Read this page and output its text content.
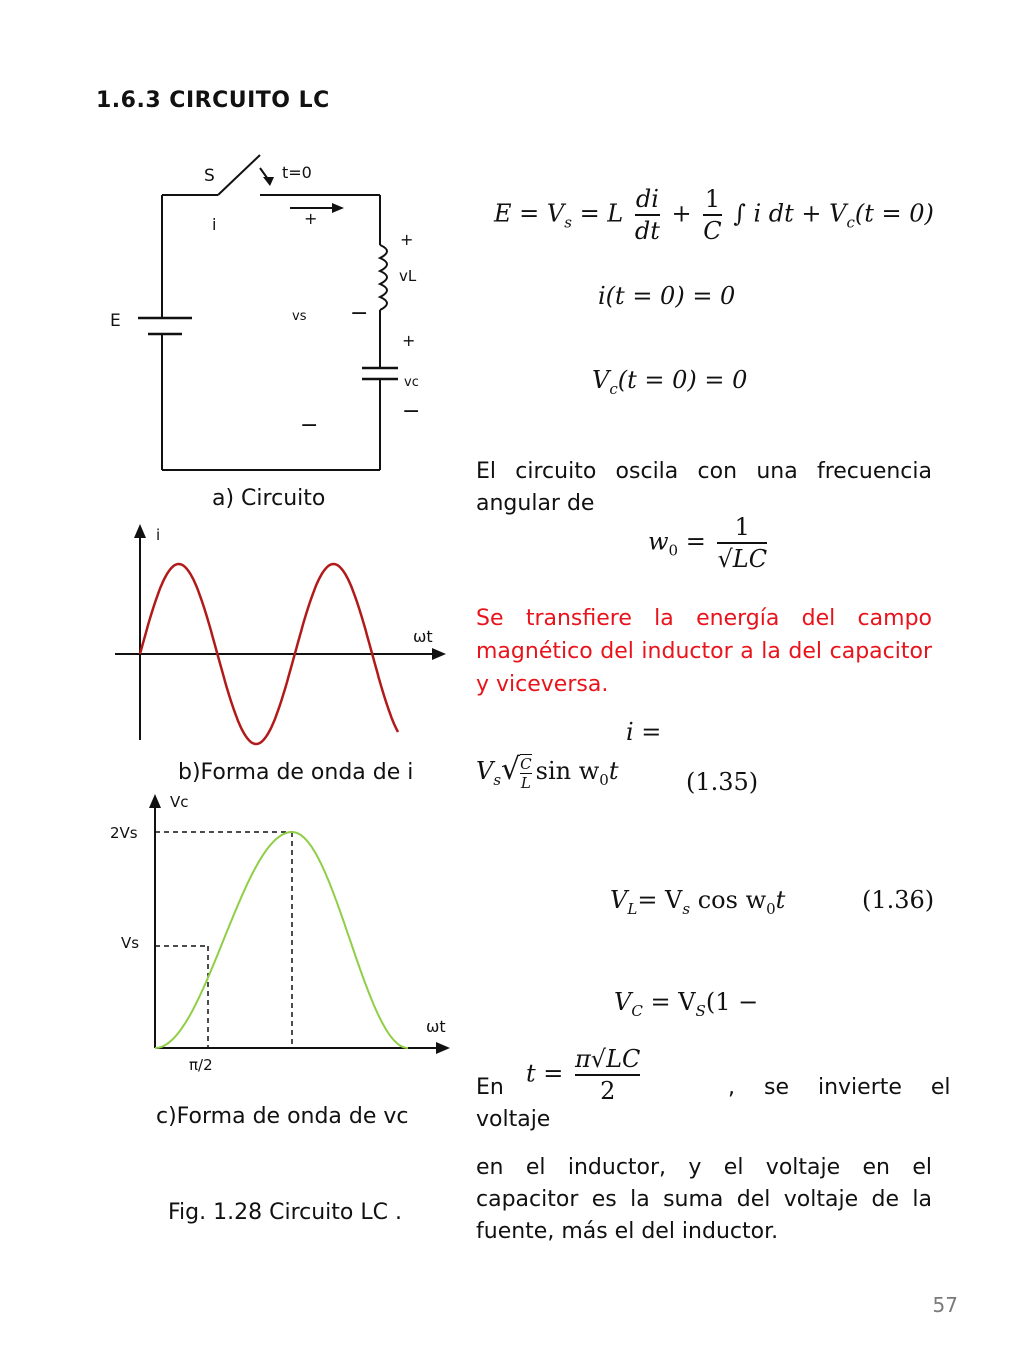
1.6.3 CIRCUITO LC
S	t=0
i	+
+
vL
E	vs −
+
vc
−
−
a) Circuito
i
ωt
b)Forma de onda de i
Vc
2Vs
Vs
ωt
π/2
c)Forma de onda de vc
Fig. 1.28 Circuito LC .
$E = V_s = L \frac{di}{dt} + \frac{1}{C}$ ∫ i dt + $V_c(t = 0)$
i(t = 0) = 0
$V_c(t = 0) = 0$
El circuito oscila con una frecuencia angular de
$w_0 = \frac{1}{√LC}$
Se transfiere la energía del campo magnético del inductor a la del capacitor y viceversa.
i =
$V_s√ \frac{C}{L}$ $\sin w_0t$	(1.35)
$V_L= V_s$ $\cos w_0t$	(1.36)
$V_C = V_S(1$ −
En $t = \frac{\pi√LC}{2}$	, se invierte el
voltaje
en el inductor, y el voltaje en el capacitor es la suma del voltaje de la fuente, más el del inductor.
57
